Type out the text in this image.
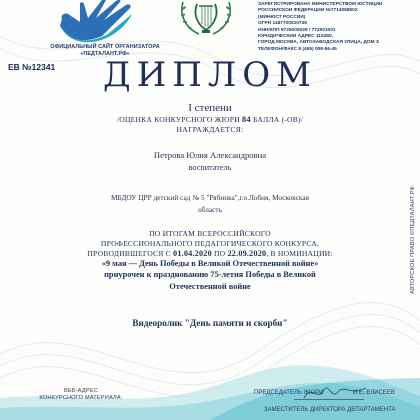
ОФИЦИАЛЬНЫЙ САЙТ ОРГАНИЗАТОРА
«ПЕДТАЛАНТ.РФ»
ЗАРЕГИСТРИРОВАНА МИНИСТЕРСТВОМ ЮСТИЦИИ
РОССИЙСКОЙ ФЕДЕРАЦИИ №7714058502
(МИНЮСТ РОССИИ)
ОГРН 1187700020738
ИНН/КПП 9725000029 / 772501001
ЮРИДИЧЕСКИЙ АДРЕС 115280,
ГОРОД МОСКВА, АВТОЗАВОДСКАЯ УЛИЦА, ДОМ 3
ТЕЛЕФОН/ФАКС 8 (495) 008-86-45
ЕВ №12341	ДИПЛОМ
I степени
/ОЦЕНКА КОНКУРСНОГО ЖЮРИ 84 БАЛЛА (-ОВ)/
НАГРАЖДАЕТСЯ:
Петрова Юлия Александровна
воспитатель
МБДОУ ЦРР детский сад № 5 "Рябинка",г.о.Лобня, Московская
область
ПО ИТОГАМ ВСЕРОССИЙСКОГО
ПРОФЕССИОНАЛЬНОГО ПЕДАГОГИЧЕСКОГО КОНКУРСА,
ПРОВОДИВШЕГОСЯ С 01.04.2020 ПО 22.09.2020, В НОМИНАЦИИ:
«9 мая — День Победы в Великой Отечественной войне»
приурочен к празднованию 75-летия Победы в Великой
Отечественной войне
Видеоролик "День памяти и скорби"
АВТОРСКОЕ ПРАВО ©ПЕДТАЛАНТ.РФ
ВЕБ-АДРЕС
КОНКУРСНОГО МАТЕРИАЛА:
ПРЕДСЕДАТЕЛЬ ЖЮРИ	И.Е. ЕЛИСЕЕВ
ЗАМЕСТИТЕЛЬ ДИРЕКТОРА ДЕПАРТАМЕНТА
